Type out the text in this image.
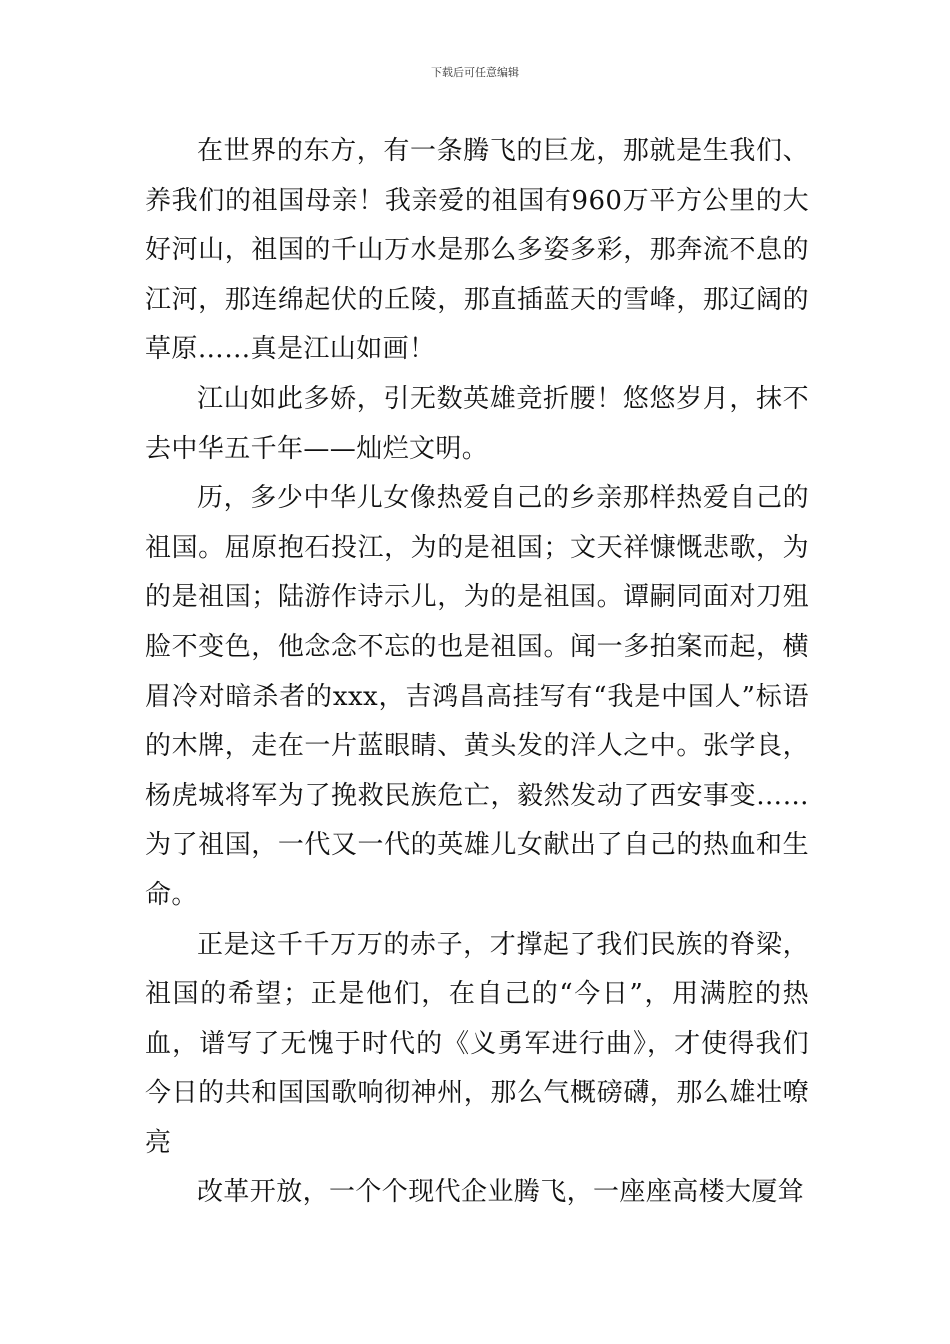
下载后可任意编辑

在世界的东方，有一条腾飞的巨龙，那就是生我们、养我们的祖国母亲！我亲爱的祖国有960万平方公里的大好河山，祖国的千山万水是那么多姿多彩，那奔流不息的江河，那连绵起伏的丘陵，那直插蓝天的雪峰，那辽阔的草原……真是江山如画！

江山如此多娇，引无数英雄竞折腰！悠悠岁月，抹不去中华五千年——灿烂文明。

历，多少中华儿女像热爱自己的乡亲那样热爱自己的祖国。屈原抱石投江，为的是祖国；文天祥慷慨悲歌，为的是祖国；陆游作诗示儿，为的是祖国。谭嗣同面对刀殂脸不变色，他念念不忘的也是祖国。闻一多拍案而起，横眉冷对暗杀者的xxx，吉鸿昌高挂写有“我是中国人”标语的木牌，走在一片蓝眼睛、黄头发的洋人之中。张学良，杨虎城将军为了挽救民族危亡，毅然发动了西安事变……为了祖国，一代又一代的英雄儿女献出了自己的热血和生命。

正是这千千万万的赤子，才撑起了我们民族的脊梁，祖国的希望；正是他们，在自己的“今日”，用满腔的热血，谱写了无愧于时代的《义勇军进行曲》，才使得我们今日的共和国国歌响彻神州，那么气概磅礴，那么雄壮嘹亮

改革开放，一个个现代企业腾飞，一座座高楼大厦耸
